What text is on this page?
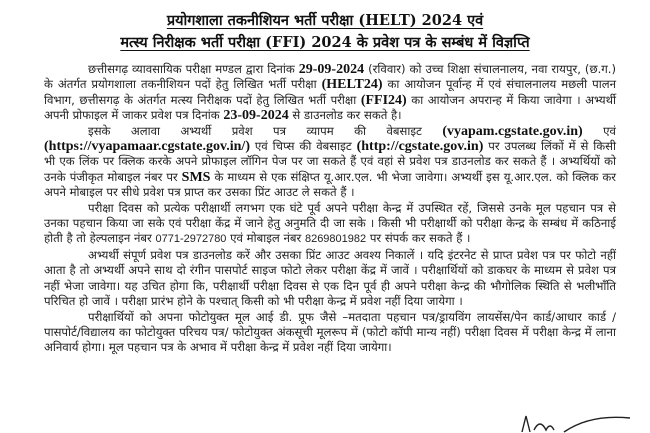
प्रयोगशाला तकनीशियन भर्ती परीक्षा (HELT) 2024 एवं
मत्स्य निरीक्षक भर्ती परीक्षा (FFI) 2024 के प्रवेश पत्र के सम्बंध में विज्ञप्ति

छत्तीसगढ़ व्यावसायिक परीक्षा मण्डल द्वारा दिनांक 29-09-2024 (रविवार) को उच्च शिक्षा संचालनालय, नवा रायपुर, (छ.ग.) के अंतर्गत प्रयोगशाला तकनीशियन पदों हेतु लिखित भर्ती परीक्षा (HELT24) का आयोजन पूर्वान्ह में एवं संचालनालय मछली पालन विभाग, छत्तीसगढ़ के अंतर्गत मत्स्य निरीक्षक पदों हेतु लिखित भर्ती परीक्षा (FFI24) का आयोजन अपरान्ह में किया जावेगा । अभ्यर्थी अपनी प्रोफाइल में जाकर प्रवेश पत्र दिनांक 23-09-2024 से डाउनलोड कर सकते है।

इसके अलावा अभ्यर्थी प्रवेश पत्र व्यापम की वेबसाइट (vyapam.cgstate.gov.in) एवं (https://vyapamaar.cgstate.gov.in/) एवं चिप्स की वेबसाइट (http://cgstate.gov.in) पर उपलब्ध लिंकों में से किसी भी एक लिंक पर क्लिक करके अपने प्रोफाइल लॉगिन पेज पर जा सकते हैं एवं वहां से प्रवेश पत्र डाउनलोड कर सकते हैं । अभ्यर्थियों को उनके पंजीकृत मोबाइल नंबर पर SMS के माध्यम से एक संक्षिप्त यू.आर.एल. भी भेजा जावेगा। अभ्यर्थी इस यू.आर.एल. को क्लिक कर अपने मोबाइल पर सीधे प्रवेश पत्र प्राप्त कर उसका प्रिंट आउट ले सकते हैं ।

परीक्षा दिवस को प्रत्येक परीक्षार्थी लगभग एक घंटे पूर्व अपने परीक्षा केन्द्र में उपस्थित रहें, जिससे उनके मूल पहचान पत्र से उनका पहचान किया जा सके एवं परीक्षा केंद्र में जाने हेतु अनुमति दी जा सके । किसी भी परीक्षार्थी को परीक्षा केन्द्र के सम्बंध में कठिनाई होती है तो हेल्पलाइन नंबर 0771-2972780 एवं मोबाइल नंबर 8269801982 पर संपर्क कर सकते हैं ।

अभ्यर्थी संपूर्ण प्रवेश पत्र डाउनलोड करें और उसका प्रिंट आउट अवश्य निकालें । यदि इंटरनेट से प्राप्त प्रवेश पत्र पर फोटो नहीं आता है तो अभ्यर्थी अपने साथ दो रंगीन पासपोर्ट साइज फोटो लेकर परीक्षा केंद्र में जावें । परीक्षार्थियों को डाकघर के माध्यम से प्रवेश पत्र नहीं भेजा जावेगा। यह उचित होगा कि, परीक्षार्थी परीक्षा दिवस से एक दिन पूर्व ही अपने परीक्षा केन्द्र की भौगोलिक स्थिति से भलीभाँति परिचित हो जावें । परीक्षा प्रारंभ होने के पश्चात् किसी को भी परीक्षा केन्द्र में प्रवेश नहीं दिया जायेगा ।

परीक्षार्थियों को अपना फोटोयुक्त मूल आई डी. प्रूफ जैसे –मतदाता पहचान पत्र/ड्रायविंग लायसेंस/पेन कार्ड/आधार कार्ड / पासपोर्ट/विद्यालय का फोटोयुक्त परिचय पत्र/ फोटोयुक्त अंकसूची मूलरूप में (फोटो कॉपी मान्य नहीं) परीक्षा दिवस में परीक्षा केन्द्र में लाना अनिवार्य होगा। मूल पहचान पत्र के अभाव में परीक्षा केन्द्र में प्रवेश नहीं दिया जायेगा।
